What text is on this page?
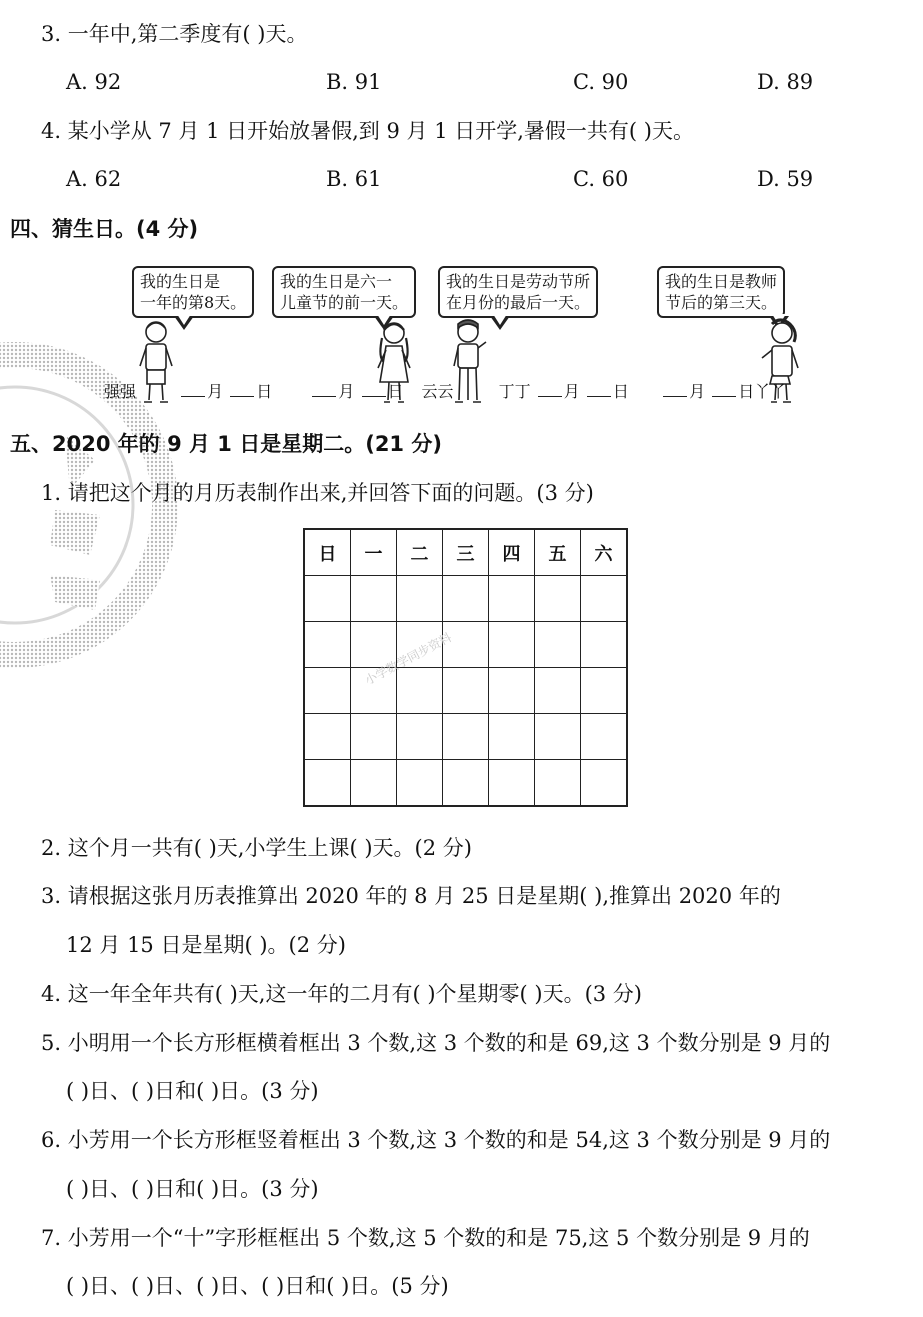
3. 一年中,第二季度有( )天。
A. 92	B. 91	C. 90	D. 89
4. 某小学从 7 月 1 日开始放暑假,到 9 月 1 日开学,暑假一共有( )天。
A. 62	B. 61	C. 60	D. 59
四、猜生日。(4 分)
我的生日是
一年的第8天。
我的生日是六一
儿童节的前一天。
我的生日是劳动节所
在月份的最后一天。
我的生日是教师
节后的第三天。
强强	月 日	月 日 云云	丁丁 月 日	月 日丫丫
五、2020 年的 9 月 1 日是星期二。(21 分)
1. 请把这个月的月历表制作出来,并回答下面的问题。(3 分)
日	一	二	三	四	五	六

小学数学同步资料
2. 这个月一共有( )天,小学生上课( )天。(2 分)
3. 请根据这张月历表推算出 2020 年的 8 月 25 日是星期( ),推算出 2020 年的
12 月 15 日是星期( )。(2 分)
4. 这一年全年共有( )天,这一年的二月有( )个星期零( )天。(3 分)
5. 小明用一个长方形框横着框出 3 个数,这 3 个数的和是 69,这 3 个数分别是 9 月的
( )日、( )日和( )日。(3 分)
6. 小芳用一个长方形框竖着框出 3 个数,这 3 个数的和是 54,这 3 个数分别是 9 月的
( )日、( )日和( )日。(3 分)
7. 小芳用一个“十”字形框框出 5 个数,这 5 个数的和是 75,这 5 个数分别是 9 月的
( )日、( )日、( )日、( )日和( )日。(5 分)
